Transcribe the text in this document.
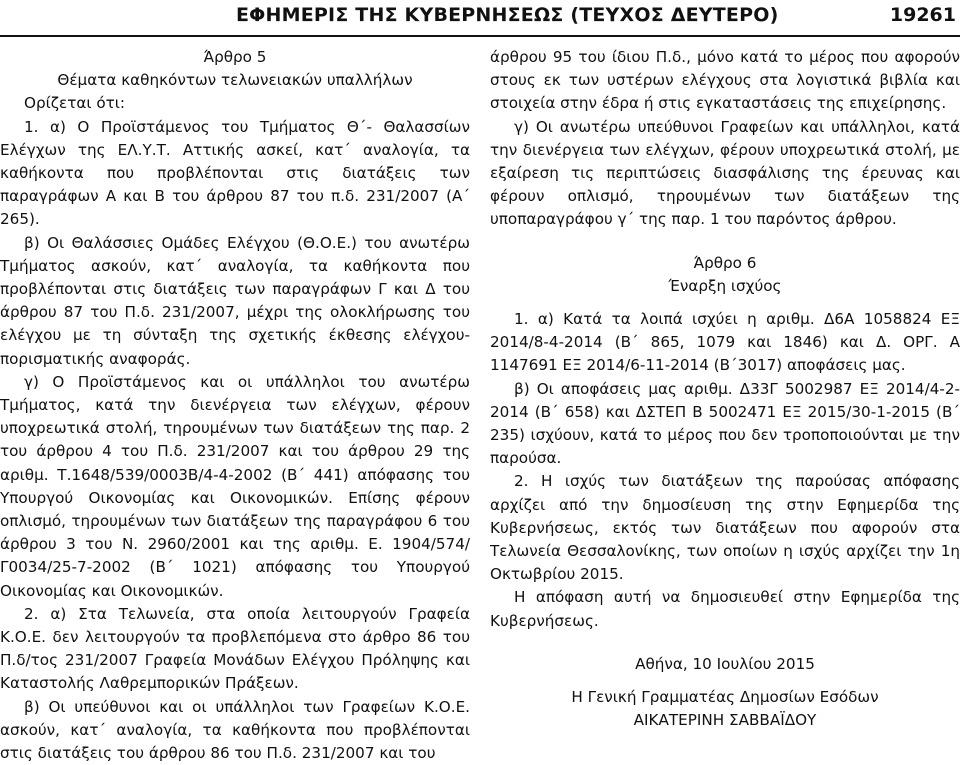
ΕΦΗΜΕΡΙΣ ΤΗΣ ΚΥΒΕΡΝΗΣΕΩΣ (ΤΕΥΧΟΣ ΔΕΥΤΕΡΟ)	19261

Άρθρο 5

Θέματα καθηκόντων τελωνειακών υπαλλήλων

Ορίζεται ότι:

1. α) Ο Προϊστάμενος του Τμήματος Θ΄- Θαλασσίων Ελέγχων της ΕΛ.Υ.Τ. Αττικής ασκεί, κατ΄ αναλογία, τα καθήκοντα που προβλέπονται στις διατάξεις των παραγράφων Α και Β του άρθρου 87 του π.δ. 231/2007 (Α΄ 265).

β) Οι Θαλάσσιες Ομάδες Ελέγχου (Θ.Ο.Ε.) του ανωτέρω Τμήματος ασκούν, κατ΄ αναλογία, τα καθήκοντα που προβλέπονται στις διατάξεις των παραγράφων Γ και Δ του άρθρου 87 του Π.δ. 231/2007, μέχρι της ολοκλήρωσης του ελέγχου με τη σύνταξη της σχετικής έκθεσης ελέγχου-πορισματικής αναφοράς.

γ) Ο Προϊστάμενος και οι υπάλληλοι του ανωτέρω Τμήματος, κατά την διενέργεια των ελέγχων, φέρουν υποχρεωτικά στολή, τηρουμένων των διατάξεων της παρ. 2 του άρθρου 4 του Π.δ. 231/2007 και του άρθρου 29 της αριθμ. Τ.1648/539/0003Β/4-4-2002 (Β΄ 441) απόφασης του Υπουργού Οικονομίας και Οικονομικών. Επίσης φέρουν οπλισμό, τηρουμένων των διατάξεων της παραγράφου 6 του άρθρου 3 του Ν. 2960/2001 και της αριθμ. Ε. 1904/574/Γ0034/25-7-2002 (Β΄ 1021) απόφασης του Υπουργού Οικονομίας και Οικονομικών.

2. α) Στα Τελωνεία, στα οποία λειτουργούν Γραφεία Κ.Ο.Ε. δεν λειτουργούν τα προβλεπόμενα στο άρθρο 86 του Π.δ/τος 231/2007 Γραφεία Μονάδων Ελέγχου Πρόληψης και Καταστολής Λαθρεμπορικών Πράξεων.

β) Οι υπεύθυνοι και οι υπάλληλοι των Γραφείων Κ.Ο.Ε. ασκούν, κατ΄ αναλογία, τα καθήκοντα που προβλέπονται στις διατάξεις του άρθρου 86 του Π.δ. 231/2007 και του

άρθρου 95 του ίδιου Π.δ., μόνο κατά το μέρος που αφορούν στους εκ των υστέρων ελέγχους στα λογιστικά βιβλία και στοιχεία στην έδρα ή στις εγκαταστάσεις της επιχείρησης.

γ) Οι ανωτέρω υπεύθυνοι Γραφείων και υπάλληλοι, κατά την διενέργεια των ελέγχων, φέρουν υποχρεωτικά στολή, με εξαίρεση τις περιπτώσεις διασφάλισης της έρευνας και φέρουν οπλισμό, τηρουμένων των διατάξεων της υποπαραγράφου γ΄ της παρ. 1 του παρόντος άρθρου.

Άρθρο 6

Έναρξη ισχύος

1. α) Κατά τα λοιπά ισχύει η αριθμ. Δ6Α 1058824 ΕΞ 2014/8-4-2014 (Β΄ 865, 1079 και 1846) και Δ. ΟΡΓ. Α 1147691 ΕΞ 2014/6-11-2014 (Β΄3017) αποφάσεις μας.

β) Οι αποφάσεις μας αριθμ. Δ33Γ 5002987 ΕΞ 2014/4-2-2014 (Β΄ 658) και ΔΣΤΕΠ Β 5002471 ΕΞ 2015/30-1-2015 (Β΄ 235) ισχύουν, κατά το μέρος που δεν τροποποιούνται με την παρούσα.

2. Η ισχύς των διατάξεων της παρούσας απόφασης αρχίζει από την δημοσίευση της στην Εφημερίδα της Κυβερνήσεως, εκτός των διατάξεων που αφορούν στα Τελωνεία Θεσσαλονίκης, των οποίων η ισχύς αρχίζει την 1η Οκτωβρίου 2015.

Η απόφαση αυτή να δημοσιευθεί στην Εφημερίδα της Κυβερνήσεως.

Αθήνα, 10 Ιουλίου 2015

Η Γενική Γραμματέας Δημοσίων Εσόδων

ΑΙΚΑΤΕΡΙΝΗ ΣΑΒΒΑΪΔΟΥ
